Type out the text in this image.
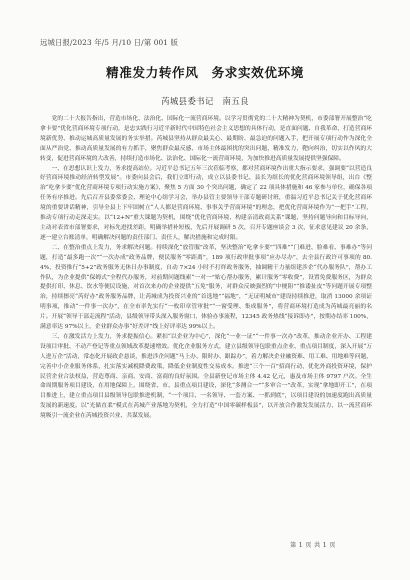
远城日报/2023 年/5 月/10 日/第 001 版
精准发力转作风　务求实效优环境
芮城县委书记　南五良

党的二十大报告指出，营造市场化、法治化、国际化一流营商环境。以学习贯彻党的二十大精神为契机，市委部署开展整治“吃拿卡要”优化营商环境专项行动，是忠实践行习近平新时代中国特色社会主义思想的具体行动，是直面问题、自我革命，打造营商环境新优势、推动运城高质量发展的务实举措。芮城县坚持从群众最关心、最期盼、最急迫的问题入手，把开展专项行动作为深化全面从严治党、推动高质量发展的有力抓手，聚焦群众最反感、市场主体最困扰的突出问题，精准发力，靶向纠治，切实以作风的大转变，促进营商环境的大改善，持续打造市场化、法治化、国际化一流营商环境，为加快推进高质量发展提供坚强保障。

一、在思想认识上发力，务求提高站位。习近平总书记五年三次莅临考察，都对营商环境作出重大指示要求，强调要“以营造良好营商环境推动经济转型发展”。市委向县会后，我们立即行动，成立以县委书记、县长为组长的优化营商环境领导组，出台《整治“吃拿卡要”优化营商环境专项行动实施方案》，聚焦 5 方面 30 个突出问题，确定了 22 项具体措施和 46 家参与单位，确保各项任务有序推进。先后召开县委常委会、理论中心组学习会，举办县管主要领导干部专题研讨班，重温习近平总书记关于优化营商环境的重要讲话精神，引导全县上下牢固树立“人人都是营商环境、事事关乎营商环境”的理念，把优化营商环境作为“一把手”工程，推动专项行动走深走实。以“12+N”重大课题为契机，围绕“优化营商环境、构建亲清政商关系”课题，坚持问题导向和目标导向，主动对表省市部署要求，对标先进找差距，明确举措补短板，先后开展调研 5 次，召开专题座谈会 3 次，征求意见建议 20 余条，逐一建立台账清单，明确解决问题的责任部门、责任人，解决措施和完成时限。

二、在整治重点上发力，务求解决问题。持续深化“放管服”改革，坚决整治“吃拿卡要”“四难”“门难进、脸难看、事难办”等问题，打造“最多跑一次”“一次办成”政务品牌，便民服务“零距离”，189 项行政审批事项“应办尽办”，去全县行政许可事项的 80.4%，投资推行“5+2”政务服务无休日办事制度，自动 7×24 小时不打烊政务服务，抽调精干力量组建涉企“代办服务队”，帮办工作队，为企业提供“保姆式”全程代办服务，对前期问题线索“一对一”贴心帮办服务，累计服务“零收费”，设置免费服务区，为群众提供打印、休息、饮水等便民设施，对首次来办的企业提供“五免”服务，对群众反映强烈的“中梗阻”“推诿扯皮”等问题开展专项整治，持续擦亮“芮好办”政务服务品牌，让芮城成为投资兴业的“首选地”“福地”，“无证明城市”建设持续推进，取消 13000 余项证明事项，推动“一件事一次办”，在全市率先实行“一枚印章管审批”“一窗受理、集成服务”，将营商环境打造成为芮城最亮丽的名片。开展“领导干部走流程”活动，县级领导带头深入服务窗口，体验办事流程，12345 政务热线“接诉即办”，按期办结率 100%，满意率达 97%以上，企业群众办事“好差评”线上好评率达 99%以上。

三、在激发活力上发力，务求提振信心。紧扣“以企业为中心”，深化“一业一证”“一件事一次办”改革，推动企业开办、工程建设项目审批、不动产登记等重点领域改革提速增效。优化企业服务方式，建立县级领导包联重点企业、重点项目制度，深入开展“万人进万企”活动，常态化开展政企恳谈，推进涉企问题“马上办、限时办、跟踪办”，着力解决企业融资难、用工难、用地难等问题，完善中小企业服务体系，扎实落实减税降费政策，降低企业制度性交易成本。推进“三个一百”招商行动，优化外商投资环境，保护民营企业合法权益，营造尊商、亲商、安商、富商的良好氛围。全县新登记市场主体 4.42 亿元，惠及市场主体 9797 户次。全生命周期服务项目建设，在用地保障上，围绕省、市、县重点项目建设，深化“多测合一”“多审合一”改革，实现“拿地即开工”，在项目推进上，建立重点项目县级领导包联推进机制，“一个项目、一名领导、一套方案、一抓到底”，以项目建设的加速度跑出高质量发展的新速度。以“光储直柔”模式在芮城产业落地为契机，全力打造“中国零碳样板县”，以开放合作激发发展活力，以一流营商环境吸引一流企业在芮城投资兴业、共谋发展。

第 1 页 共 1 页
